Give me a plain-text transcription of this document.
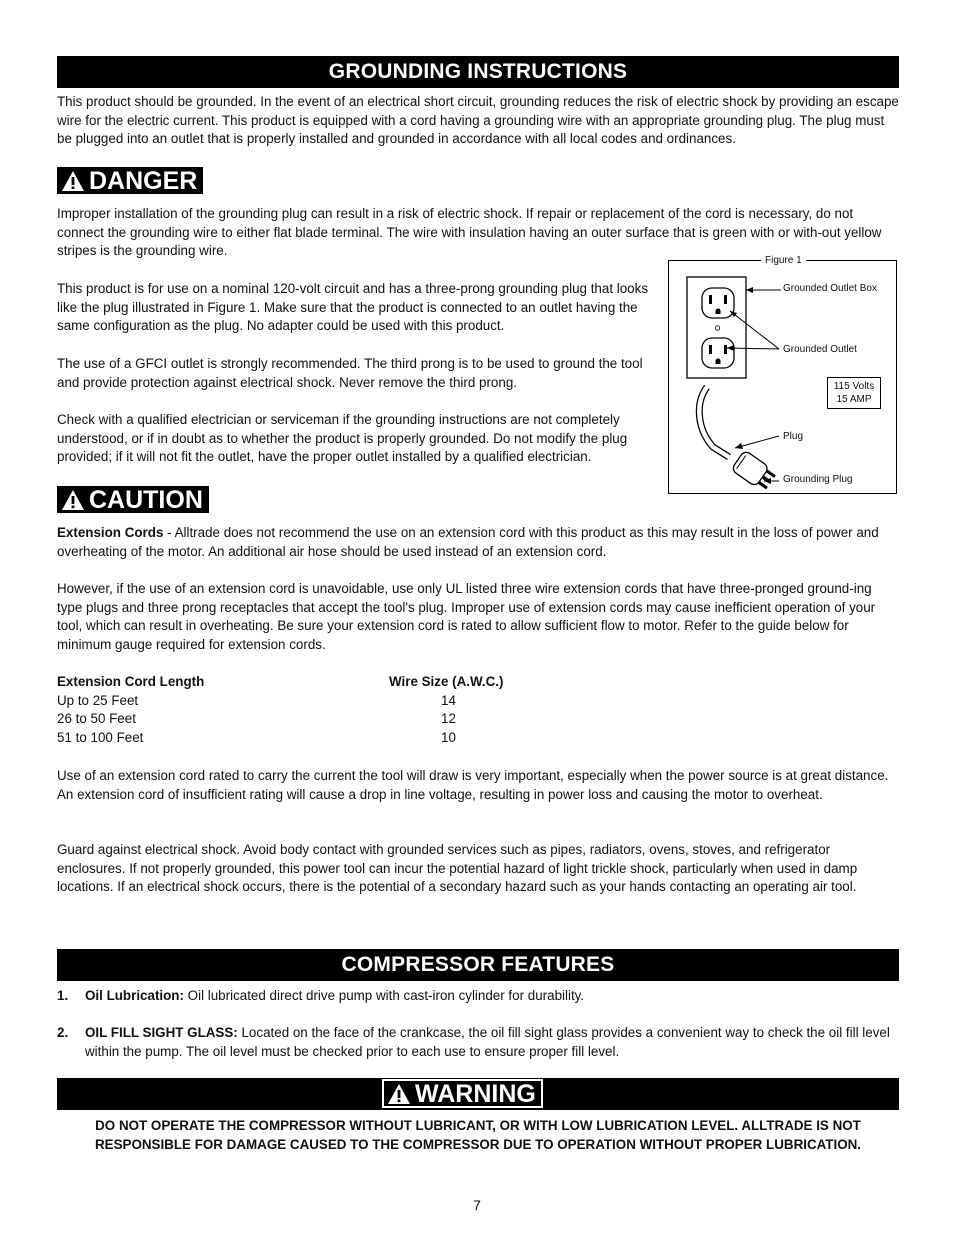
GROUNDING INSTRUCTIONS

This product should be grounded. In the event of an electrical short circuit, grounding reduces the risk of electric shock by providing an escape wire for the electric current. This product is equipped with a cord having a grounding wire with an appropriate grounding plug. The plug must be plugged into an outlet that is properly installed and grounded in accordance with all local codes and ordinances.

DANGER

Improper installation of the grounding plug can result in a risk of electric shock. If repair or replacement of the cord is necessary, do not connect the grounding wire to either flat blade terminal. The wire with insulation having an outer surface that is green with or with-out yellow stripes is the grounding wire.

This product is for use on a nominal 120-volt circuit and has a three-prong grounding plug that looks like the plug illustrated in Figure 1. Make sure that the product is connected to an outlet having the same configuration as the plug. No adapter could be used with this product.

The use of a GFCI outlet is strongly recommended. The third prong is to be used to ground the tool and provide protection against electrical shock. Never remove the third prong.

Check with a qualified electrician or serviceman if the grounding instructions are not completely understood, or if in doubt as to whether the product is properly grounded. Do not modify the plug provided; if it will not fit the outlet, have the proper outlet installed by a qualified electrician.

Figure 1
Grounded Outlet Box
Grounded Outlet
115 Volts
15 AMP
Plug
Grounding Plug
CAUTION

Extension Cords - Alltrade does not recommend the use on an extension cord with this product as this may result in the loss of power and overheating of the motor. An additional air hose should be used instead of an extension cord.

However, if the use of an extension cord is unavoidable, use only UL listed three wire extension cords that have three-pronged ground-ing type plugs and three prong receptacles that accept the tool's plug. Improper use of extension cords may cause inefficient operation of your tool, which can result in overheating. Be sure your extension cord is rated to allow sufficient flow to motor. Refer to the guide below for minimum gauge required for extension cords.

Extension Cord Length	Wire Size (A.W.C.)
Up to 25 Feet	14
26 to 50 Feet	12
51 to 100 Feet	10

Use of an extension cord rated to carry the current the tool will draw is very important, especially when the power source is at great distance. An extension cord of insufficient rating will cause a drop in line voltage, resulting in power loss and causing the motor to overheat.

Guard against electrical shock. Avoid body contact with grounded services such as pipes, radiators, ovens, stoves, and refrigerator enclosures. If not properly grounded, this power tool can incur the potential hazard of light trickle shock, particularly when used in damp locations. If an electrical shock occurs, there is the potential of a secondary hazard such as your hands contacting an operating air tool.

COMPRESSOR FEATURES
1. Oil Lubrication: Oil lubricated direct drive pump with cast-iron cylinder for durability.

2. OIL FILL SIGHT GLASS: Located on the face of the crankcase, the oil fill sight glass provides a convenient way to check the oil fill level within the pump. The oil level must be checked prior to each use to ensure proper fill level.

WARNING

DO NOT OPERATE THE COMPRESSOR WITHOUT LUBRICANT, OR WITH LOW LUBRICATION LEVEL. ALLTRADE IS NOT RESPONSIBLE FOR DAMAGE CAUSED TO THE COMPRESSOR DUE TO OPERATION WITHOUT PROPER LUBRICATION.

7
